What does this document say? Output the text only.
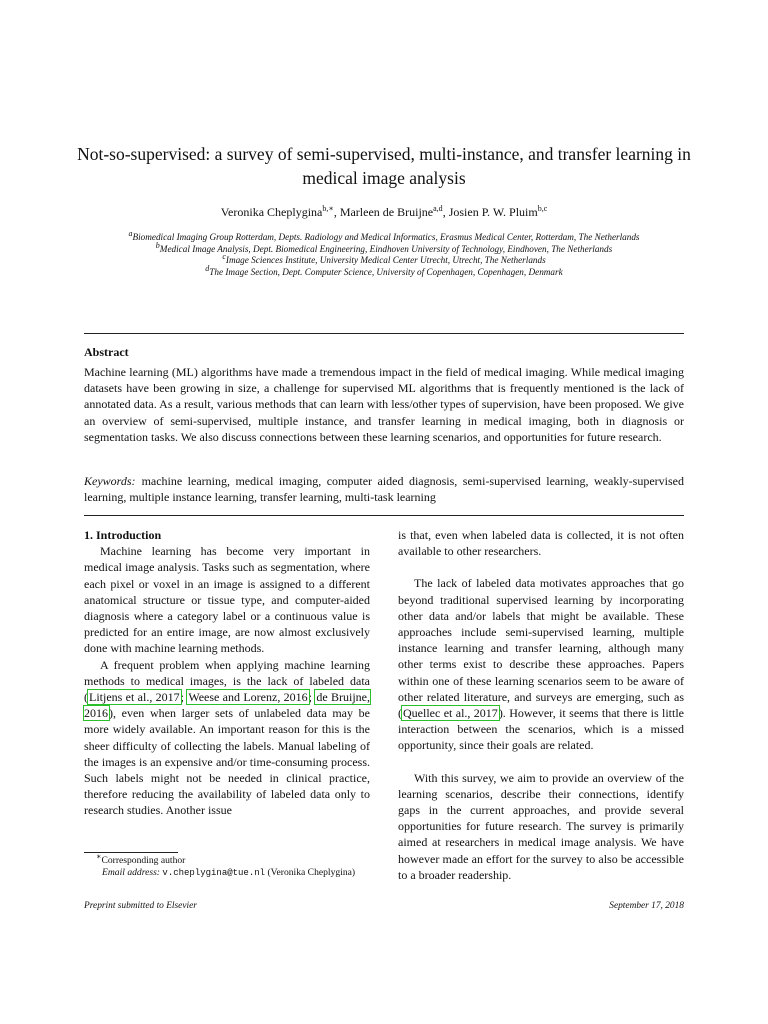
Not-so-supervised: a survey of semi-supervised, multi-instance, and transfer learning in medical image analysis
Veronika Cheplygina$^{b,∗}$, Marleen de Bruijne$^{a,d}$, Josien P. W. Pluim$^{b,c}$
$^a$Biomedical Imaging Group Rotterdam, Depts. Radiology and Medical Informatics, Erasmus Medical Center, Rotterdam, The Netherlands
$^b$Medical Image Analysis, Dept. Biomedical Engineering, Eindhoven University of Technology, Eindhoven, The Netherlands
$^c$Image Sciences Institute, University Medical Center Utrecht, Utrecht, The Netherlands
$^d$The Image Section, Dept. Computer Science, University of Copenhagen, Copenhagen, Denmark
Abstract
Machine learning (ML) algorithms have made a tremendous impact in the field of medical imaging. While medical imaging datasets have been growing in size, a challenge for supervised ML algorithms that is frequently mentioned is the lack of annotated data. As a result, various methods that can learn with less/other types of supervision, have been proposed. We give an overview of semi-supervised, multiple instance, and transfer learning in medical imaging, both in diagnosis or segmentation tasks. We also discuss connections between these learning scenarios, and opportunities for future research.
Keywords: machine learning, medical imaging, computer aided diagnosis, semi-supervised learning, weakly-supervised learning, multiple instance learning, transfer learning, multi-task learning

1. Introduction

Machine learning has become very important in medical image analysis. Tasks such as segmentation, where each pixel or voxel in an image is assigned to a different anatomical structure or tissue type, and computer-aided diagnosis where a category label or a continuous value is predicted for an entire image, are now almost exclusively done with machine learning methods.

A frequent problem when applying machine learning methods to medical images, is the lack of labeled data (Litjens et al., 2017; Weese and Lorenz, 2016; de Bruijne, 2016), even when larger sets of unlabeled data may be more widely available. An important reason for this is the sheer difficulty of collecting the labels. Manual labeling of the images is an expensive and/or time-consuming process. Such labels might not be needed in clinical practice, therefore reducing the availability of labeled data only to research studies. Another issue

is that, even when labeled data is collected, it is not often available to other researchers.

The lack of labeled data motivates approaches that go beyond traditional supervised learning by incorporating other data and/or labels that might be available. These approaches include semi-supervised learning, multiple instance learning and transfer learning, although many other terms exist to describe these approaches. Papers within one of these learning scenarios seem to be aware of other related literature, and surveys are emerging, such as (Quellec et al., 2017). However, it seems that there is little interaction between the scenarios, which is a missed opportunity, since their goals are related.

With this survey, we aim to provide an overview of the learning scenarios, describe their connections, identify gaps in the current approaches, and provide several opportunities for future research. The survey is primarily aimed at researchers in medical image analysis. We have however made an effort for the survey to also be accessible to a broader readership.

∗Corresponding author
Email address: v.cheplygina@tue.nl (Veronika Cheplygina)
Preprint submitted to Elsevier	September 17, 2018
